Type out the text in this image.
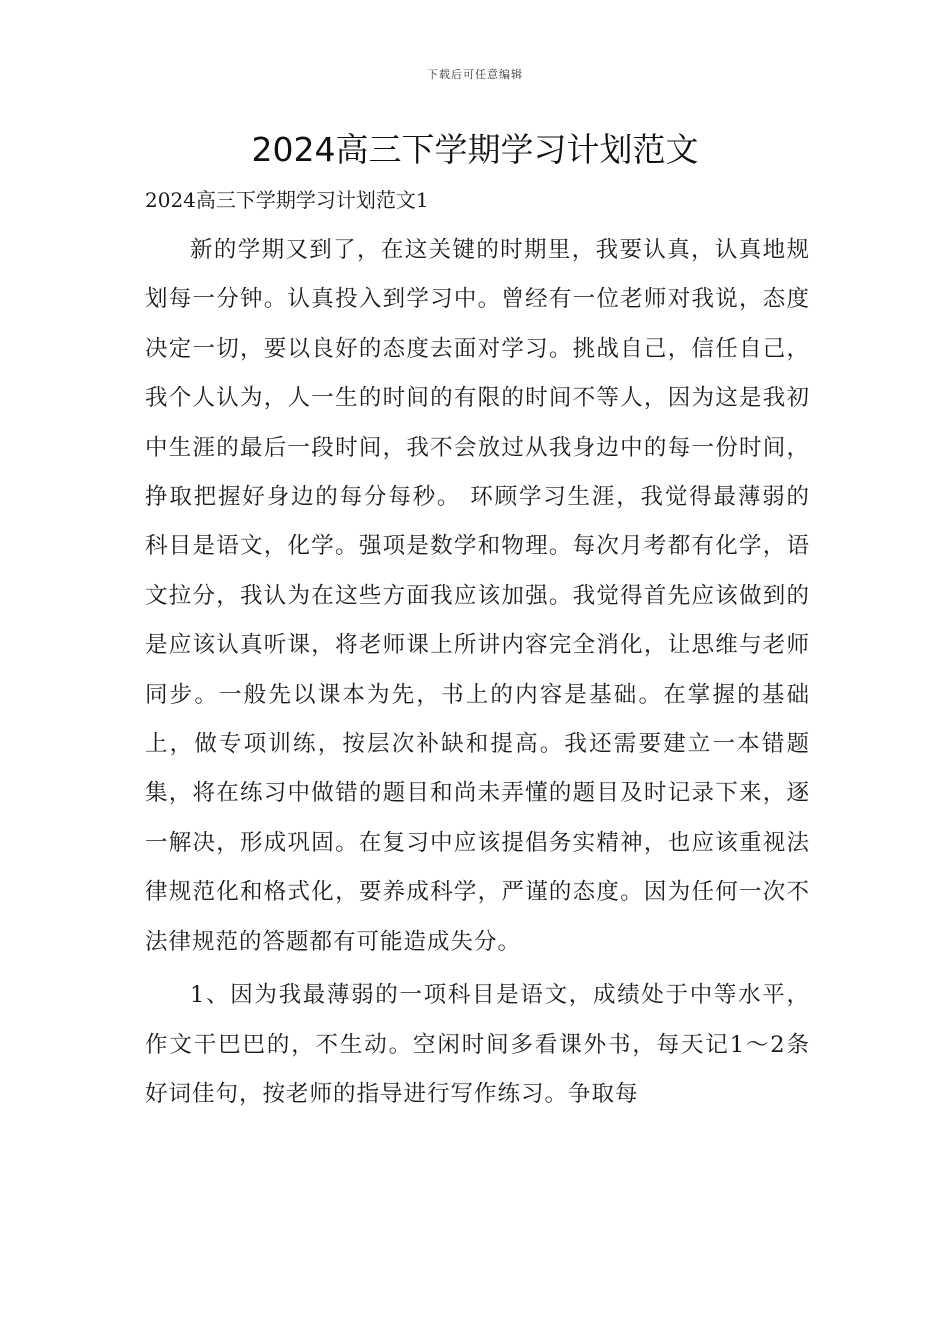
下载后可任意编辑
2024高三下学期学习计划范文

2024高三下学期学习计划范文1

新的学期又到了，在这关键的时期里，我要认真，认真地规划每一分钟。认真投入到学习中。曾经有一位老师对我说，态度决定一切，要以良好的态度去面对学习。挑战自己，信任自己，我个人认为，人一生的时间的有限的时间不等人，因为这是我初中生涯的最后一段时间，我不会放过从我身边中的每一份时间，挣取把握好身边的每分每秒。 环顾学习生涯，我觉得最薄弱的科目是语文，化学。强项是数学和物理。每次月考都有化学，语文拉分，我认为在这些方面我应该加强。我觉得首先应该做到的是应该认真听课，将老师课上所讲内容完全消化，让思维与老师同步。一般先以课本为先，书上的内容是基础。在掌握的基础上，做专项训练，按层次补缺和提高。我还需要建立一本错题集，将在练习中做错的题目和尚未弄懂的题目及时记录下来，逐一解决，形成巩固。在复习中应该提倡务实精神，也应该重视法律规范化和格式化，要养成科学，严谨的态度。因为任何一次不法律规范的答题都有可能造成失分。

1、因为我最薄弱的一项科目是语文，成绩处于中等水平，作文干巴巴的，不生动。空闲时间多看课外书，每天记1～2条好词佳句，按老师的指导进行写作练习。争取每
